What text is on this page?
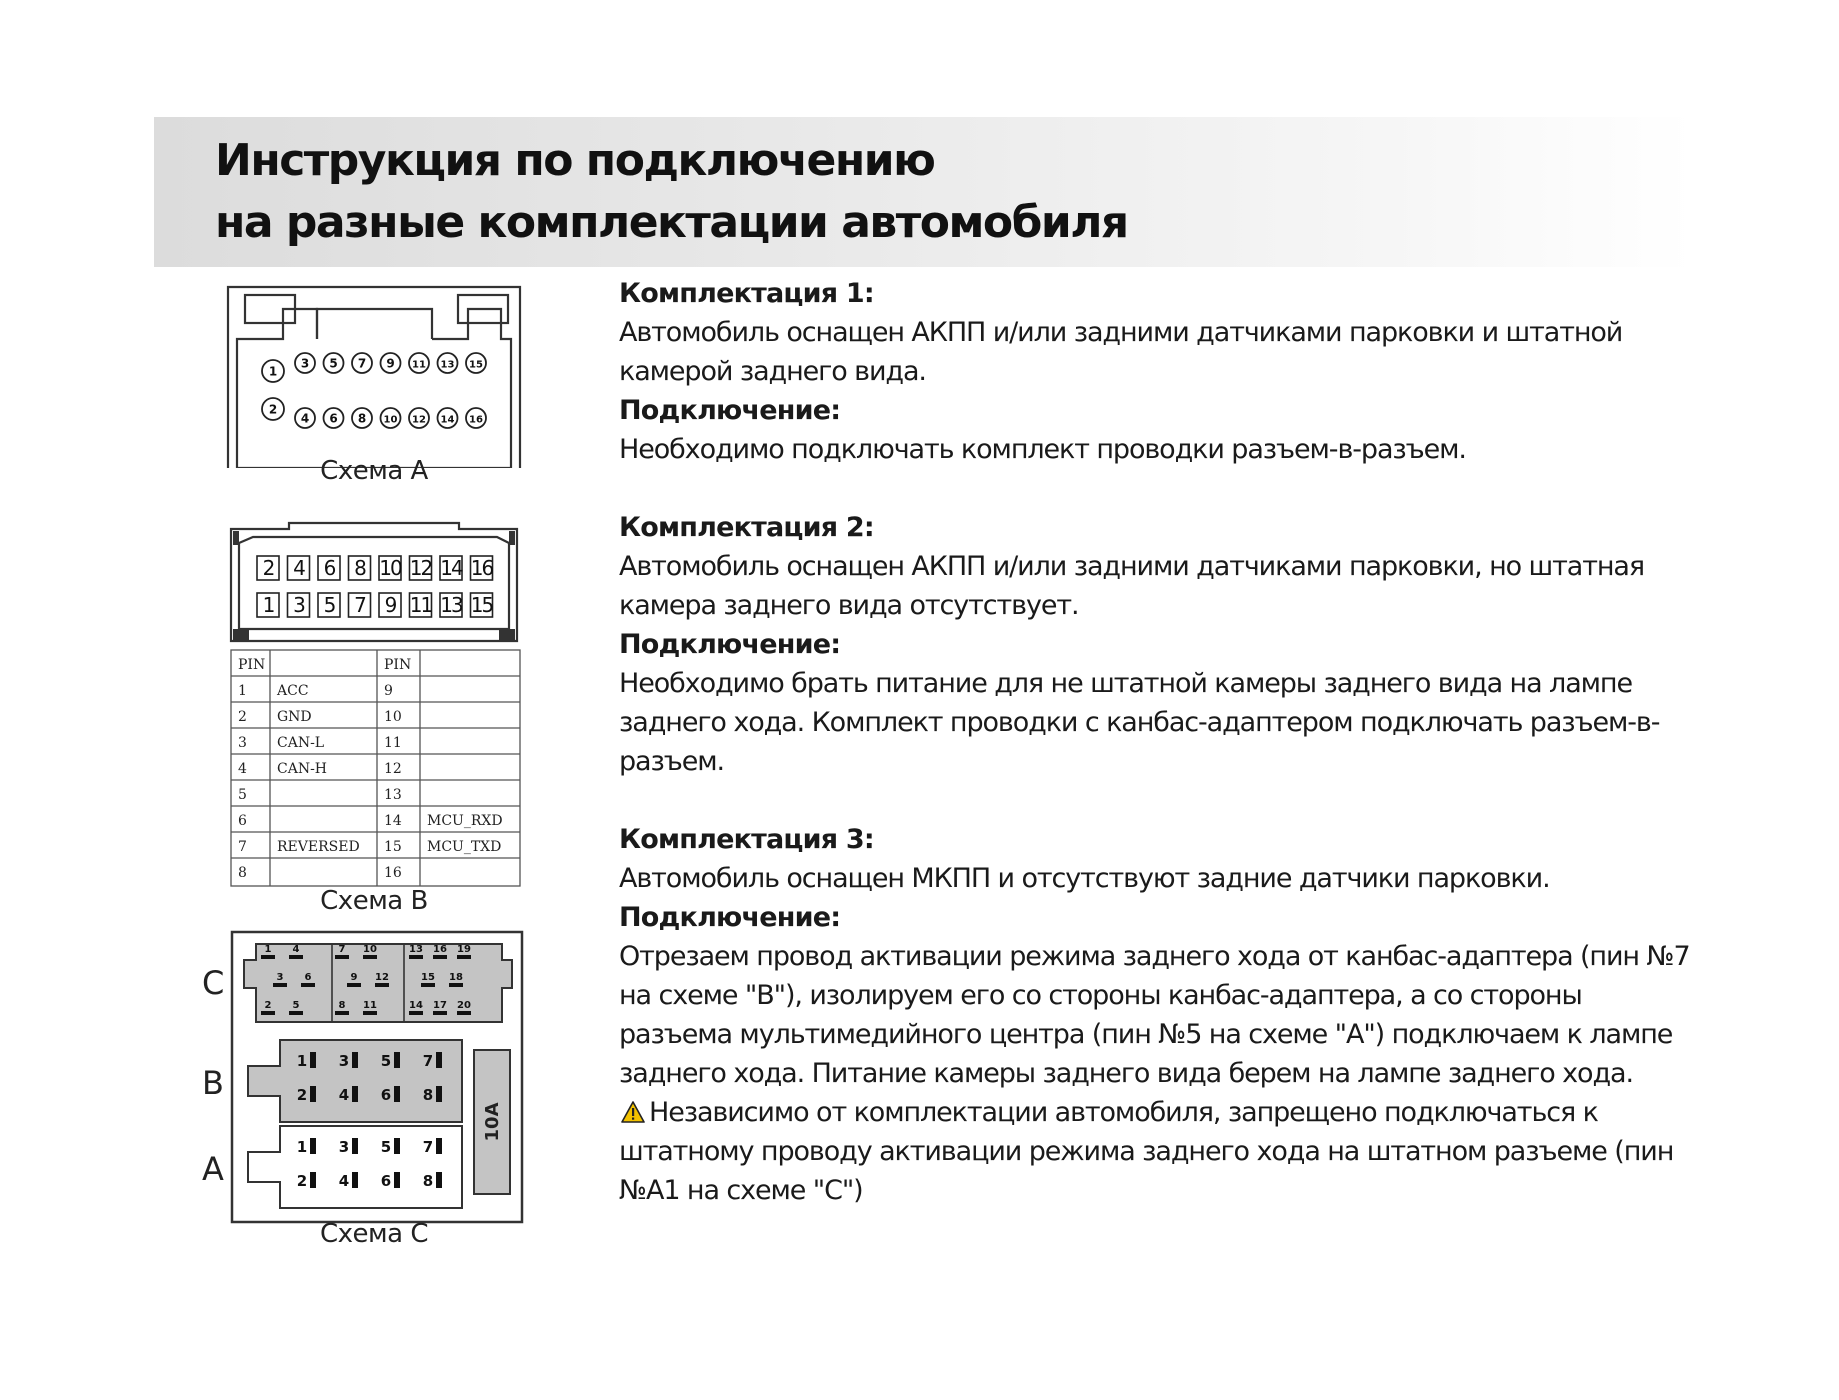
Инструкция по подключению
на разные комплектации автомобиля
1
2
3 5 7 9 11 13 15
4 6 8 10 12 14 16
Схема А
2 4 6 8 10 12 14 16
1 3 5 7 9 11 13 15
PIN	PIN
1 ACC	9
2 GND	10
3 CAN-L	11
4 CAN-H	12
5	13
6	14 MCU_RXD
7 REVERSED 15 MCU_TXD
8	16
Схема B
C
B
A
10A
1 4
3 6
2 5
7 10
9 12
8 11
13 16 19
15 18
14 17 20
1 3 5 7
2 4 6 8
1 3 5 7
2 4 6 8
Схема C
Комплектация 1:
Автомобиль оснащен АКПП и/или задними датчиками парковки и штатной камерой заднего вида.
Подключение:
Необходимо подключать комплект проводки разъем-в-разъем.
Комплектация 2:
Автомобиль оснащен АКПП и/или задними датчиками парковки, но штатная камера заднего вида отсутствует.
Подключение:
Необходимо брать питание для не штатной камеры заднего вида на лампе заднего хода. Комплект проводки с канбас-адаптером подключать разъем-в-разъем.
Комплектация 3:
Автомобиль оснащен МКПП и отсутствуют задние датчики парковки.
Подключение:
Отрезаем провод активации режима заднего хода от канбас-адаптера (пин №7 на схеме "B"), изолируем его со стороны канбас-адаптера, а со стороны разъема мультимедийного центра (пин №5 на схеме "A") подключаем к лампе заднего хода. Питание камеры заднего вида берем на лампе заднего хода.
Независимо от комплектации автомобиля, запрещено подключаться к штатному проводу активации режима заднего хода на штатном разъеме (пин №А1 на схеме "С")
